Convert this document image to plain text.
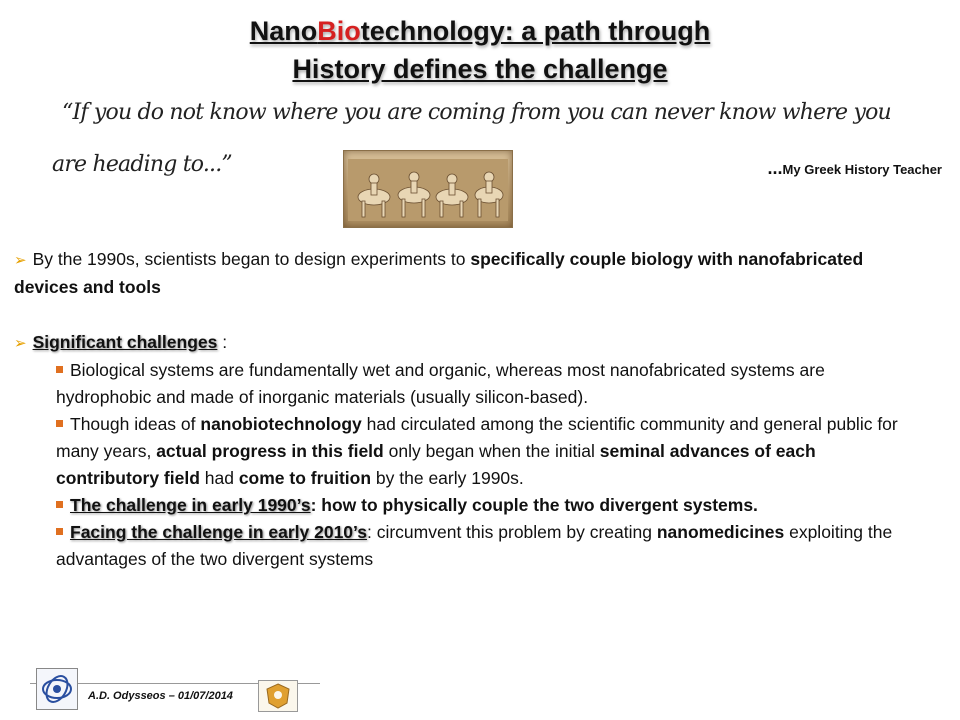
NanoBiotechnology: a path through
History defines the challenge
“If you do not know where you are coming from you can never know where you
are heading to...”	...My Greek History Teacher
➢ By the 1990s, scientists began to design experiments to specifically couple biology with nanofabricated devices and tools
➢ Significant challenges :
Biological systems are fundamentally wet and organic, whereas most nanofabricated systems are hydrophobic and made of inorganic materials (usually silicon-based).
Though ideas of nanobiotechnology had circulated among the scientific community and general public for many years, actual progress in this field only began when the initial seminal advances of each contributory field had come to fruition by the early 1990s.
The challenge in early 1990’s: how to physically couple the two divergent systems.
Facing the challenge in early 2010’s: circumvent this problem by creating nanomedicines exploiting the advantages of the two divergent systems
A.D. Odysseos – 01/07/2014
